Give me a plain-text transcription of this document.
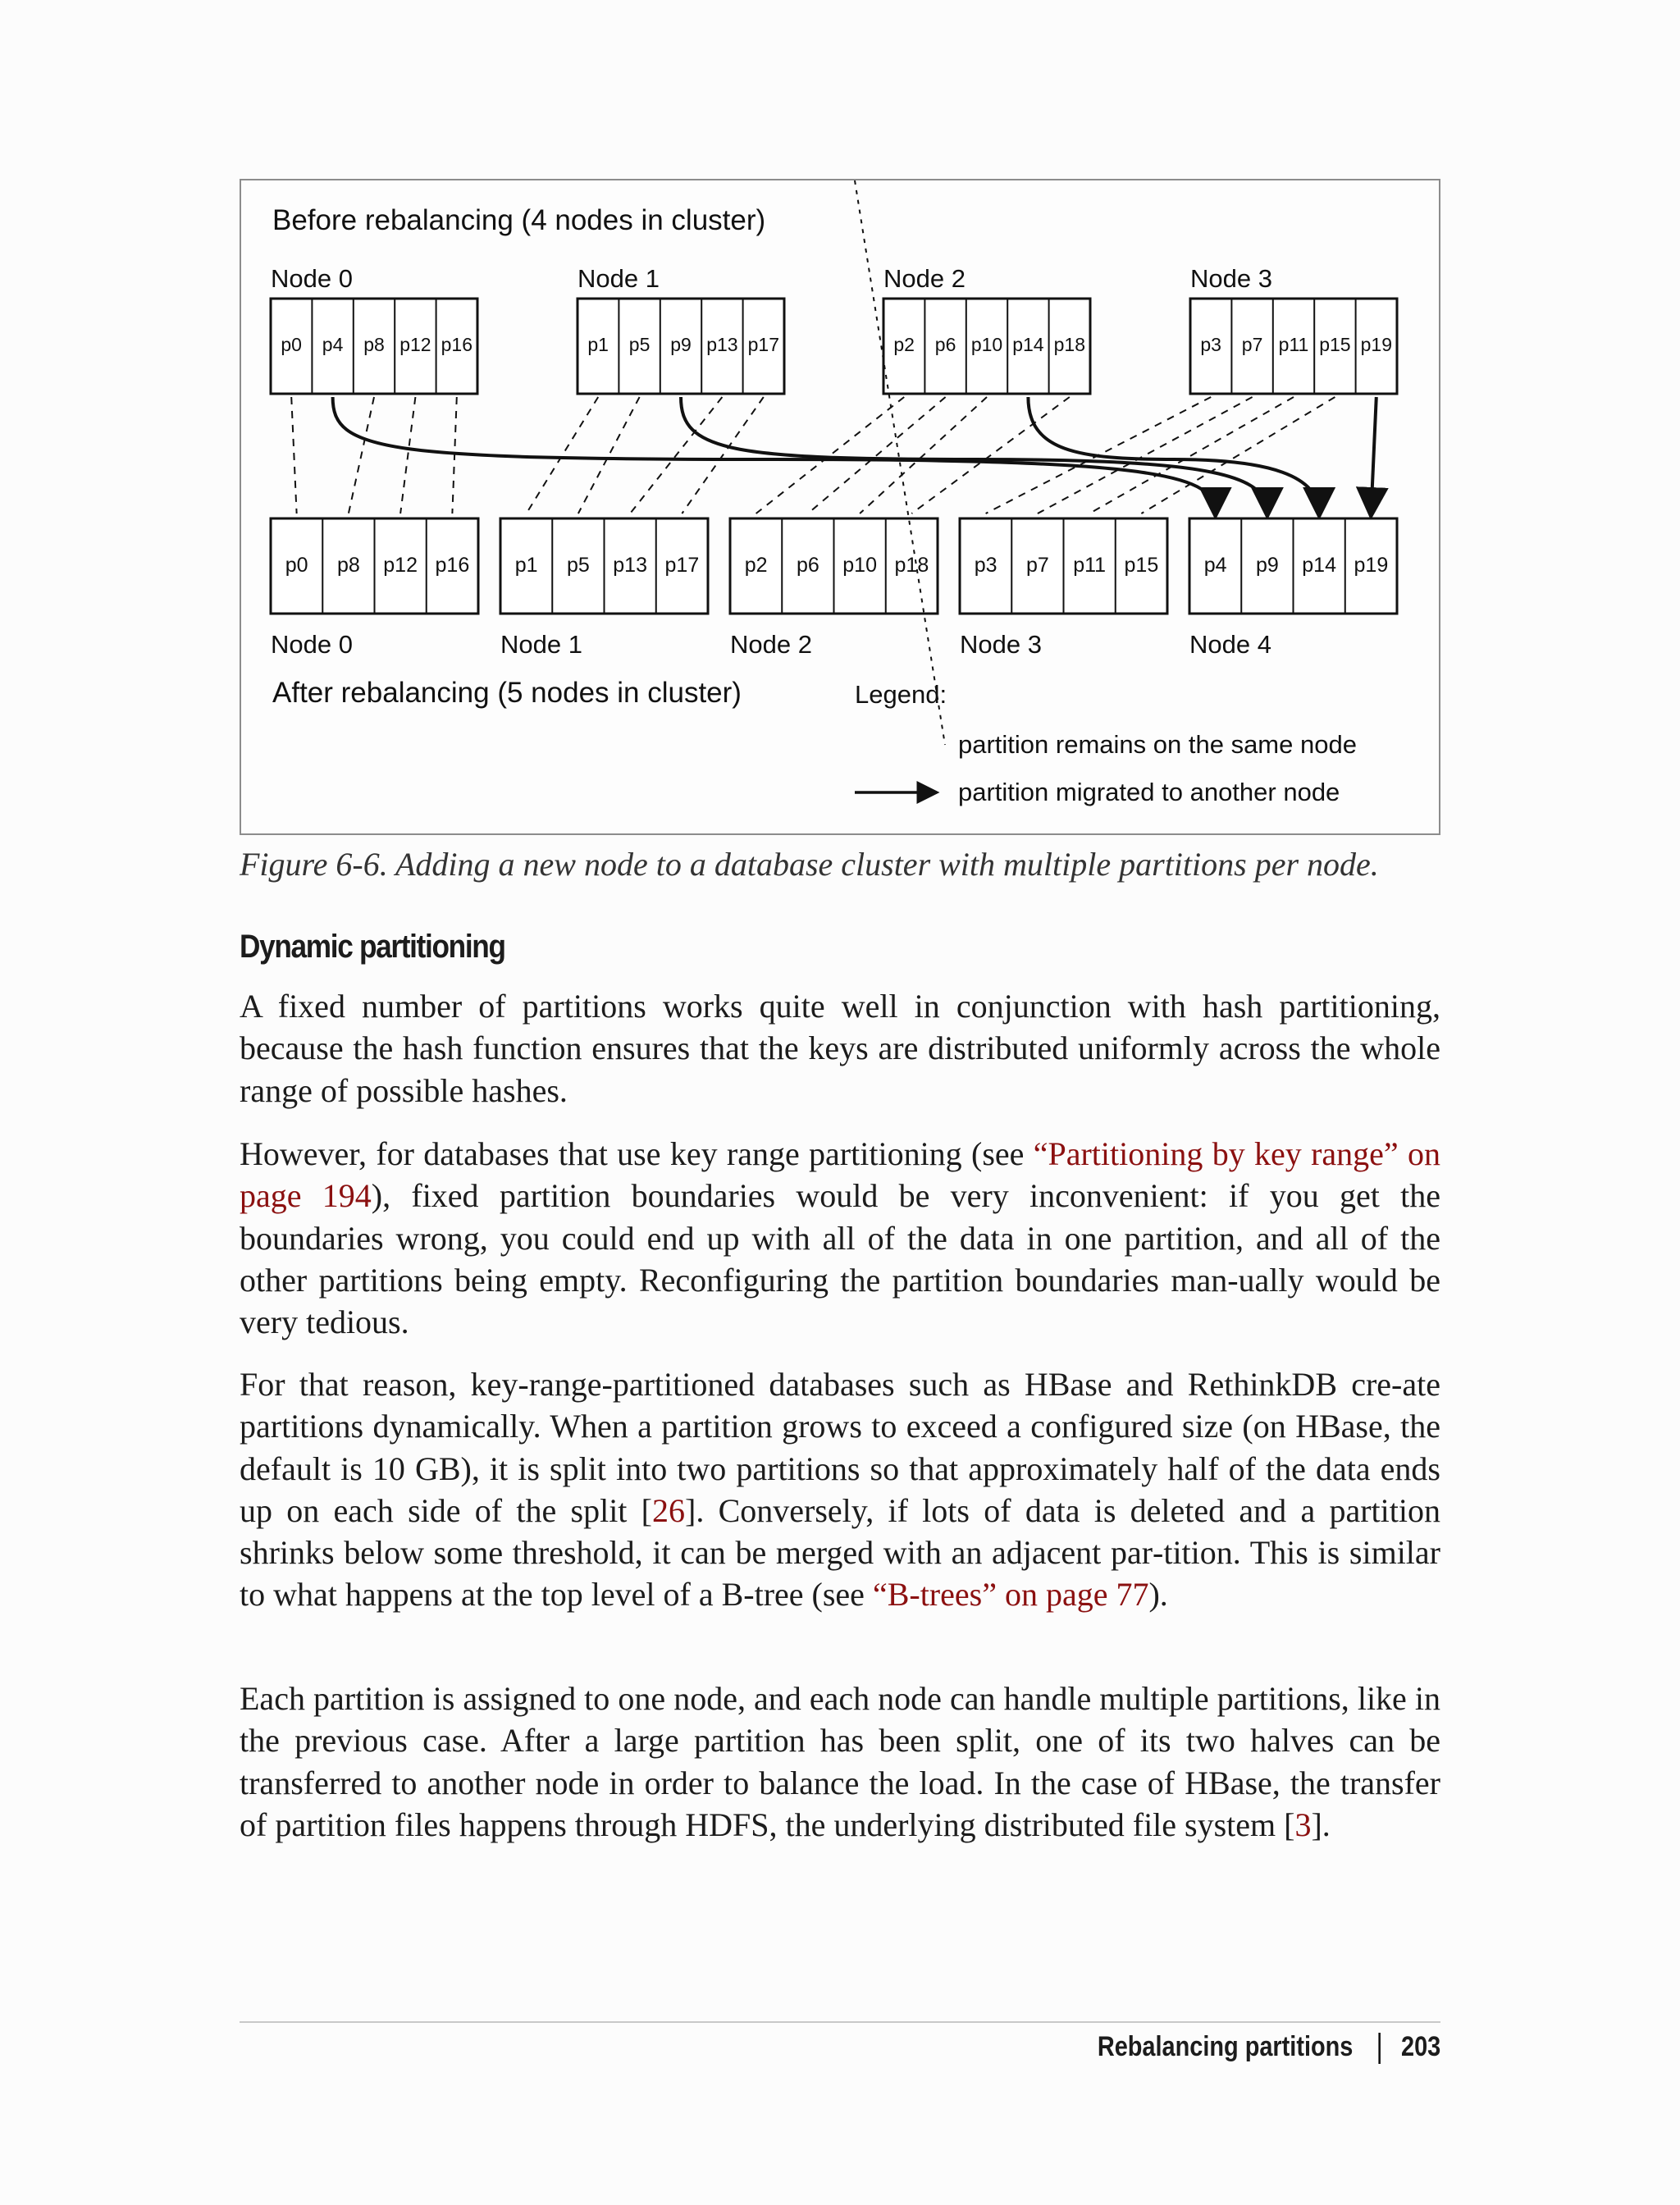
Before rebalancing (4 nodes in cluster)
After rebalancing (5 nodes in cluster)
Node 0
p0 p4 p8 p12 p16
Node 1
p1 p5 p9 p13 p17
Node 2
p2 p6 p10 p14 p18
Node 3
p3 p7 p11 p15 p19
p0 p8 p12 p16
Node 0
p1 p5 p13 p17
Node 1
p2 p6 p10 p18
Node 2
p3 p7 p11 p15
Node 3
p4 p9 p14 p19
Node 4
Legend:
partition remains on the same node
partition migrated to another node
Figure 6-6. Adding a new node to a database cluster with multiple partitions per node.
Dynamic partitioning

A fixed number of partitions works quite well in conjunction with hash partitioning, because the hash function ensures that the keys are distributed uniformly across the whole range of possible hashes.

However, for databases that use key range partitioning (see “Partitioning by key range” on page 194), fixed partition boundaries would be very inconvenient: if you get the boundaries wrong, you could end up with all of the data in one partition, and all of the other partitions being empty. Reconfiguring the partition boundaries man‐ually would be very tedious.

For that reason, key-range-partitioned databases such as HBase and RethinkDB cre‐ate partitions dynamically. When a partition grows to exceed a configured size (on HBase, the default is 10 GB), it is split into two partitions so that approximately half of the data ends up on each side of the split [26]. Conversely, if lots of data is deleted and a partition shrinks below some threshold, it can be merged with an adjacent par‐tition. This is similar to what happens at the top level of a B-tree (see “B-trees” on page 77).

Each partition is assigned to one node, and each node can handle multiple partitions, like in the previous case. After a large partition has been split, one of its two halves can be transferred to another node in order to balance the load. In the case of HBase, the transfer of partition files happens through HDFS, the underlying distributed file system [3].

Rebalancing partitions 203
